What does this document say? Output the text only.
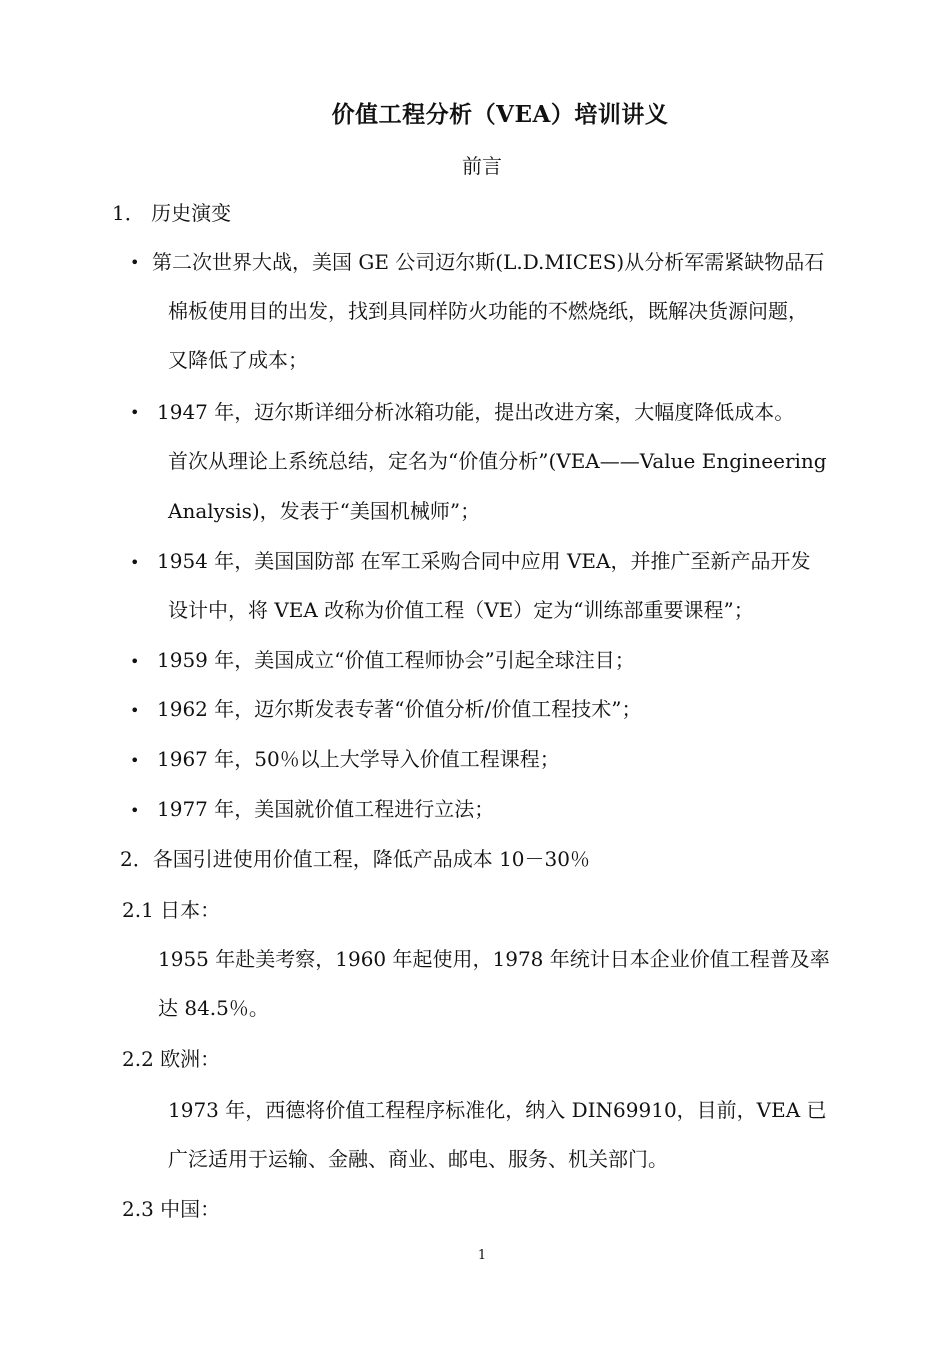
价值工程分析（VEA）培训讲义
前言
1． 历史演变
• 第二次世界大战，美国 GE 公司迈尔斯(L.D.MICES)从分析军需紧缺物品石
棉板使用目的出发，找到具同样防火功能的不燃烧纸，既解决货源问题，
又降低了成本；
• 1947 年，迈尔斯详细分析冰箱功能，提出改进方案，大幅度降低成本。
首次从理论上系统总结，定名为“价值分析”(VEA——Value Engineering
Analysis)，发表于“美国机械师”；
• 1954 年，美国国防部 在军工采购合同中应用 VEA，并推广至新产品开发
设计中，将 VEA 改称为价值工程（VE）定为“训练部重要课程”；
• 1959 年，美国成立“价值工程师协会”引起全球注目；
• 1962 年，迈尔斯发表专著“价值分析/价值工程技术”；
• 1967 年，50％以上大学导入价值工程课程；
• 1977 年，美国就价值工程进行立法；
2．各国引进使用价值工程，降低产品成本 10－30％
2.1 日本：
1955 年赴美考察，1960 年起使用，1978 年统计日本企业价值工程普及率
达 84.5％。
2.2 欧洲：
1973 年，西德将价值工程程序标准化，纳入 DIN69910，目前，VEA 已
广泛适用于运输、金融、商业、邮电、服务、机关部门。
2.3 中国：
1
